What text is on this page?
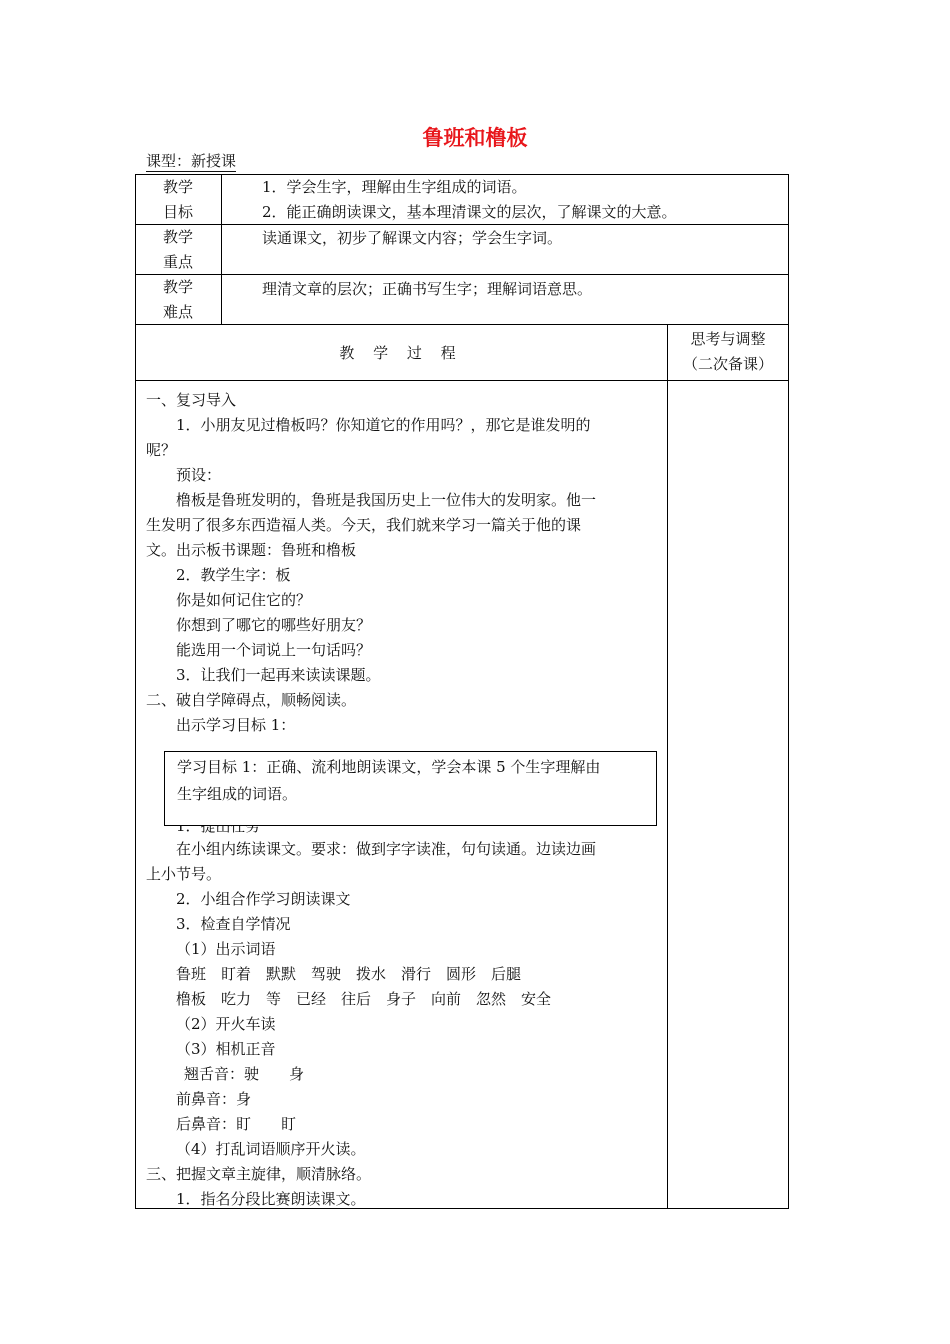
鲁班和橹板
课型：新授课
教学
目标
1．学会生字，理解由生字组成的词语。
2．能正确朗读课文，基本理清课文的层次，了解课文的大意。
教学
重点
读通课文，初步了解课文内容；学会生字词。
教学
难点
理清文章的层次；正确书写生字；理解词语意思。
教 学 过 程
思考与调整
（二次备课）
一、复习导入
1．小朋友见过橹板吗？你知道它的作用吗？，那它是谁发明的
呢？
预设：
橹板是鲁班发明的，鲁班是我国历史上一位伟大的发明家。他一
生发明了很多东西造福人类。今天，我们就来学习一篇关于他的课
文。出示板书课题：鲁班和橹板
2．教学生字：板
你是如何记住它的？
你想到了哪它的哪些好朋友？
能选用一个词说上一句话吗？
3．让我们一起再来读读课题。
二、破自学障碍点，顺畅阅读。
出示学习目标 1：
学习目标 1：正确、流利地朗读课文，学会本课 5 个生字理解由
生字组成的词语。
在小组内练读课文。要求：做到字字读准，句句读通。边读边画
上小节号。
2．小组合作学习朗读课文
3．检查自学情况
（1）出示词语
鲁班　盯着　默默　驾驶　拨水　滑行　圆形　后腿
橹板　吃力　等　已经　往后　身子　向前　忽然　安全
（2）开火车读
（3）相机正音
翘舌音：驶　　身
前鼻音：身
后鼻音：盯　　盯
（4）打乱词语顺序开火读。
三、把握文章主旋律，顺清脉络。
1．指名分段比赛朗读课文。
